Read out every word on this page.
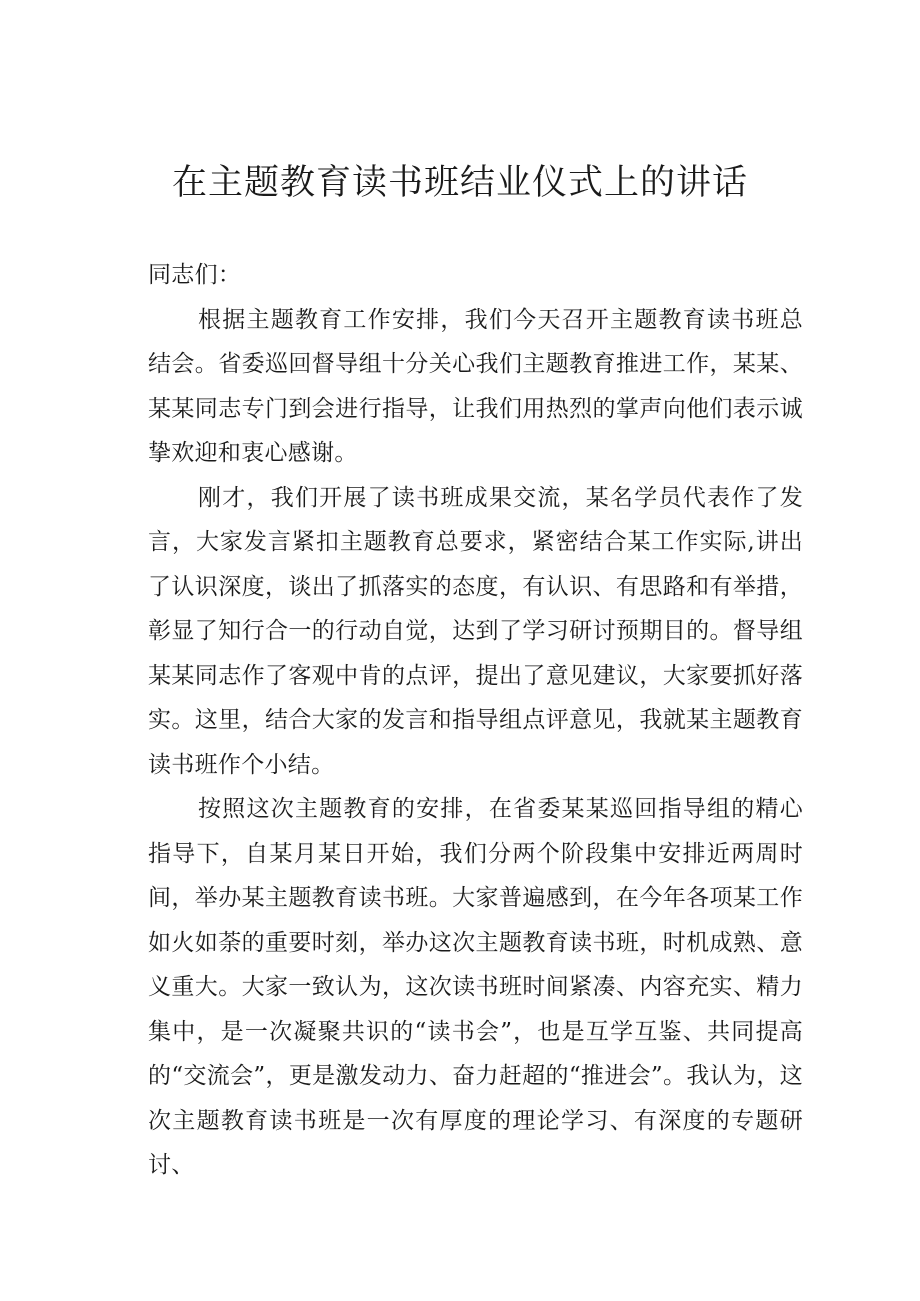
在主题教育读书班结业仪式上的讲话

同志们：

根据主题教育工作安排，我们今天召开主题教育读书班总结会。省委巡回督导组十分关心我们主题教育推进工作，某某、某某同志专门到会进行指导，让我们用热烈的掌声向他们表示诚挚欢迎和衷心感谢。

刚才，我们开展了读书班成果交流，某名学员代表作了发言，大家发言紧扣主题教育总要求，紧密结合某工作实际,讲出了认识深度，谈出了抓落实的态度，有认识、有思路和有举措，彰显了知行合一的行动自觉，达到了学习研讨预期目的。督导组某某同志作了客观中肯的点评，提出了意见建议，大家要抓好落实。这里，结合大家的发言和指导组点评意见，我就某主题教育读书班作个小结。

按照这次主题教育的安排，在省委某某巡回指导组的精心指导下，自某月某日开始，我们分两个阶段集中安排近两周时间，举办某主题教育读书班。大家普遍感到，在今年各项某工作如火如荼的重要时刻，举办这次主题教育读书班，时机成熟、意义重大。大家一致认为，这次读书班时间紧凑、内容充实、精力集中，是一次凝聚共识的“读书会”，也是互学互鉴、共同提高的“交流会”，更是激发动力、奋力赶超的“推进会”。我认为，这次主题教育读书班是一次有厚度的理论学习、有深度的专题研讨、
